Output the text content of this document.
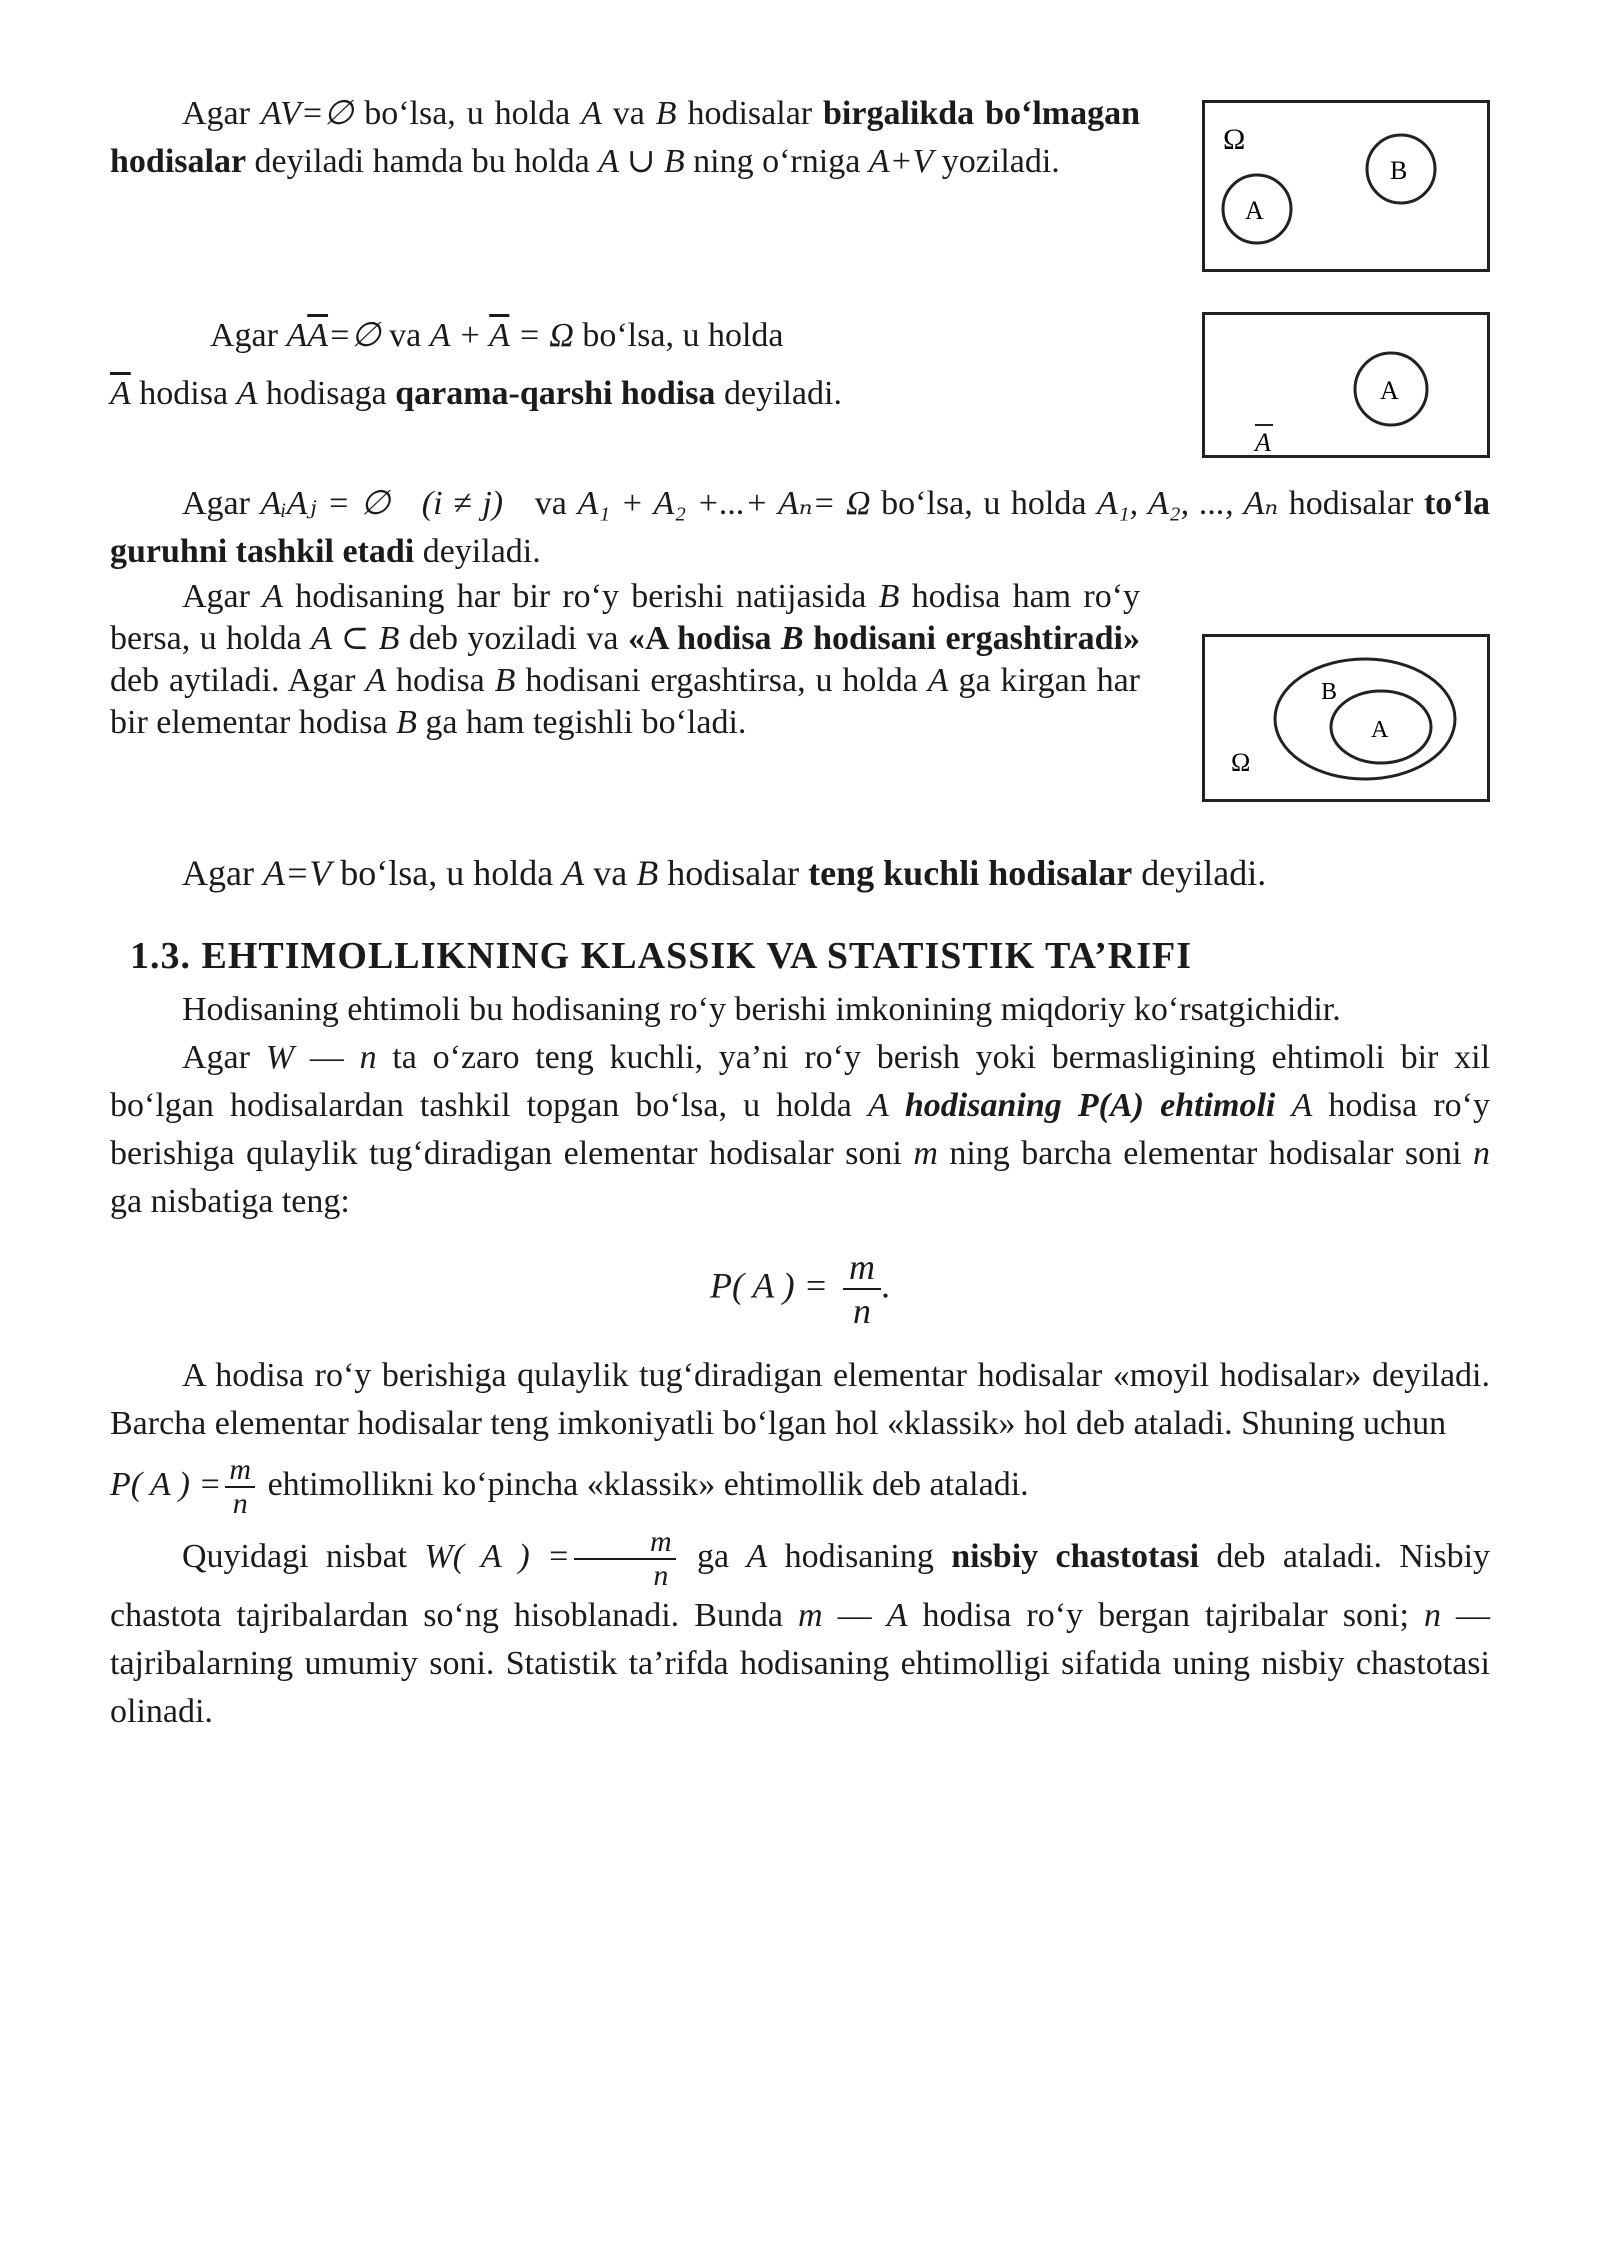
Agar AV=∅ bo‘lsa, u holda A va B hodisalar birgalikda bo‘lmagan hodisalar deyiladi hamda bu holda A ∪ B ning o‘rniga A+V yoziladi.

Ω
A
B

Agar $A\overline{A}=\emptyset$ va $A + \overline{A} = \Omega$ bo‘lsa, u holda

$\overline{A}$ hodisa A hodisaga qarama-qarshi hodisa deyiladi.	A
A

Agar AᵢAⱼ = ∅ (i ≠ j)   va A₁ + A₂ +...+ Aₙ= Ω bo‘lsa, u holda A₁, A₂, ..., Aₙ hodisalar to‘la guruhni tashkil etadi deyiladi.

Agar A hodisaning har bir ro‘y berishi natijasida B hodisa ham ro‘y bersa, u holda A ⊂ B deb yoziladi va «A hodisa B hodisani ergashtiradi» deb aytiladi. Agar A hodisa B hodisani ergashtirsa, u holda A ga kirgan har bir elementar hodisa B ga ham tegishli bo‘ladi.

B
A
Ω

Agar A=V bo‘lsa, u holda A va B hodisalar teng kuchli hodisalar deyiladi.

1.3. EHTIMOLLIKNING KLASSIK VA STATISTIK TA’RIFI

Hodisaning ehtimoli bu hodisaning ro‘y berishi imkonining miqdoriy ko‘rsatgichidir.

Agar W — n ta o‘zaro teng kuchli, ya’ni ro‘y berish yoki bermasligining ehtimoli bir xil bo‘lgan hodisalardan tashkil topgan bo‘lsa, u holda A hodisaning P(A) ehtimoli A hodisa ro‘y berishiga qulaylik tug‘diradigan elementar hodisalar soni m ning barcha elementar hodisalar soni n ga nisbatiga teng:

P( A ) = $\frac{m}{n}$ .

A hodisa ro‘y berishiga qulaylik tug‘diradigan elementar hodisalar «moyil hodisalar» deyiladi. Barcha elementar hodisalar teng imkoniyatli bo‘lgan hol «klassik» hol deb ataladi. Shuning uchun

P( A ) = $\frac{m}{n}$ ehtimollikni ko‘pincha «klassik» ehtimollik deb ataladi.

Quyidagi nisbat W( A ) = $\frac{m}{n}$ ga A hodisaning nisbiy chastotasi deb ataladi. Nisbiy chastota tajribalardan so‘ng hisoblanadi. Bunda m — A hodisa ro‘y bergan tajribalar soni; n — tajribalarning umumiy soni. Statistik ta’rifda hodisaning ehtimolligi sifatida uning nisbiy chastotasi olinadi.
